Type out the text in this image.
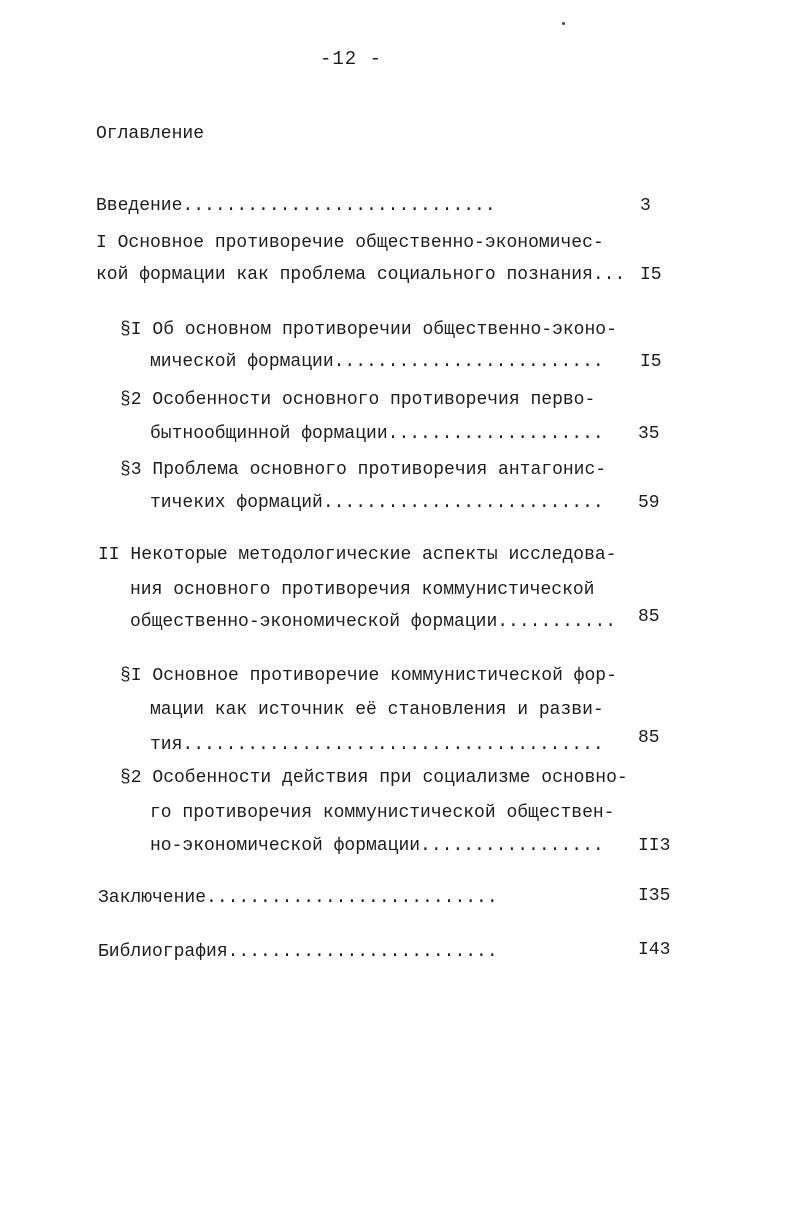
-12 -
Оглавление
Введение.............................	3
I Основное противоречие общественно-экономичес-
кой формации как проблема социального познания... I5
§I Об основном противоречии общественно-эконо-
мической формации......................... I5
§2 Особенности основного противоречия перво-
бытнообщинной формации.................... 35
§3 Проблема основного противоречия антагонис-
тичеких формаций.......................... 59
II Некоторые методологические аспекты исследова-
ния основного противоречия коммунистической
общественно-экономической формации........... 85
§I Основное противоречие коммунистической фор-
мации как источник её становления и разви-
тия....................................... 85
§2 Особенности действия при социализме основно-
го противоречия коммунистической обществен-
но-экономической формации................. II3
Заключение...........................	I35
Библиография.........................	I43
